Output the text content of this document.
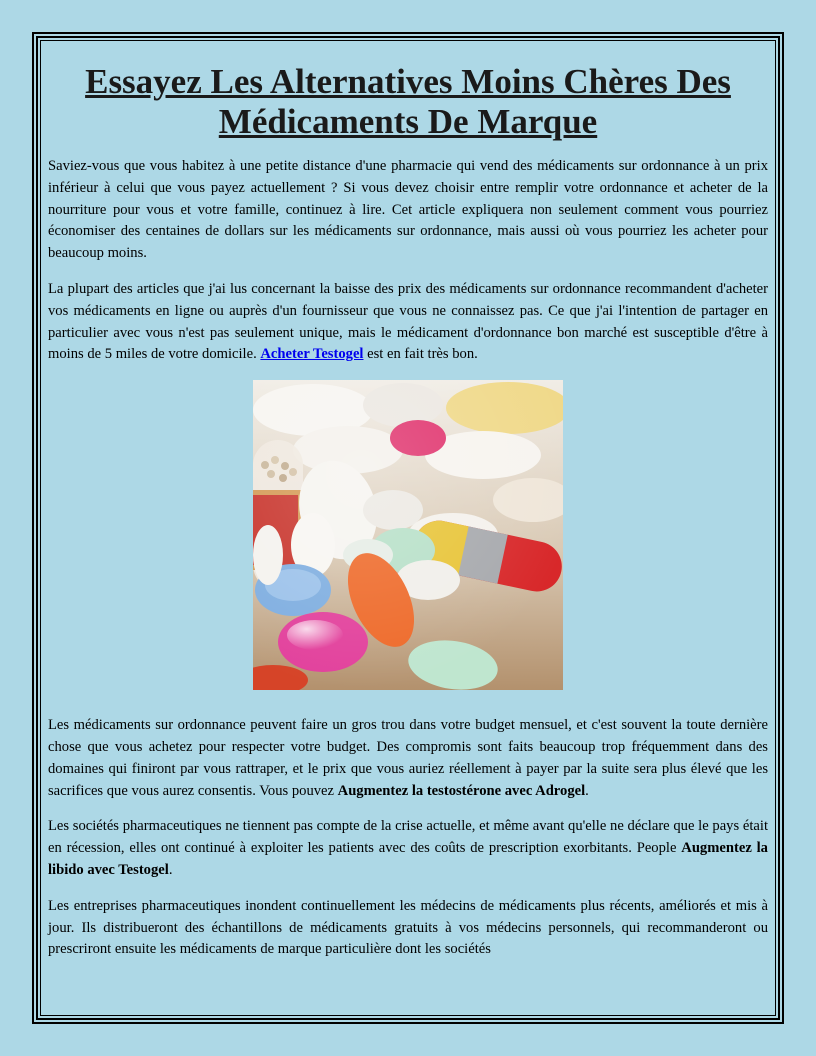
Essayez Les Alternatives Moins Chères Des Médicaments De Marque

Saviez-vous que vous habitez à une petite distance d'une pharmacie qui vend des médicaments sur ordonnance à un prix inférieur à celui que vous payez actuellement ? Si vous devez choisir entre remplir votre ordonnance et acheter de la nourriture pour vous et votre famille, continuez à lire. Cet article expliquera non seulement comment vous pourriez économiser des centaines de dollars sur les médicaments sur ordonnance, mais aussi où vous pourriez les acheter pour beaucoup moins.

La plupart des articles que j'ai lus concernant la baisse des prix des médicaments sur ordonnance recommandent d'acheter vos médicaments en ligne ou auprès d'un fournisseur que vous ne connaissez pas. Ce que j'ai l'intention de partager en particulier avec vous n'est pas seulement unique, mais le médicament d'ordonnance bon marché est susceptible d'être à moins de 5 miles de votre domicile. Acheter Testogel est en fait très bon.

Les médicaments sur ordonnance peuvent faire un gros trou dans votre budget mensuel, et c'est souvent la toute dernière chose que vous achetez pour respecter votre budget. Des compromis sont faits beaucoup trop fréquemment dans des domaines qui finiront par vous rattraper, et le prix que vous auriez réellement à payer par la suite sera plus élevé que les sacrifices que vous aurez consentis. Vous pouvez Augmentez la testostérone avec Adrogel.

Les sociétés pharmaceutiques ne tiennent pas compte de la crise actuelle, et même avant qu'elle ne déclare que le pays était en récession, elles ont continué à exploiter les patients avec des coûts de prescription exorbitants. People Augmentez la libido avec Testogel.

Les entreprises pharmaceutiques inondent continuellement les médecins de médicaments plus récents, améliorés et mis à jour. Ils distribueront des échantillons de médicaments gratuits à vos médecins personnels, qui recommanderont ou prescriront ensuite les médicaments de marque particulière dont les sociétés
